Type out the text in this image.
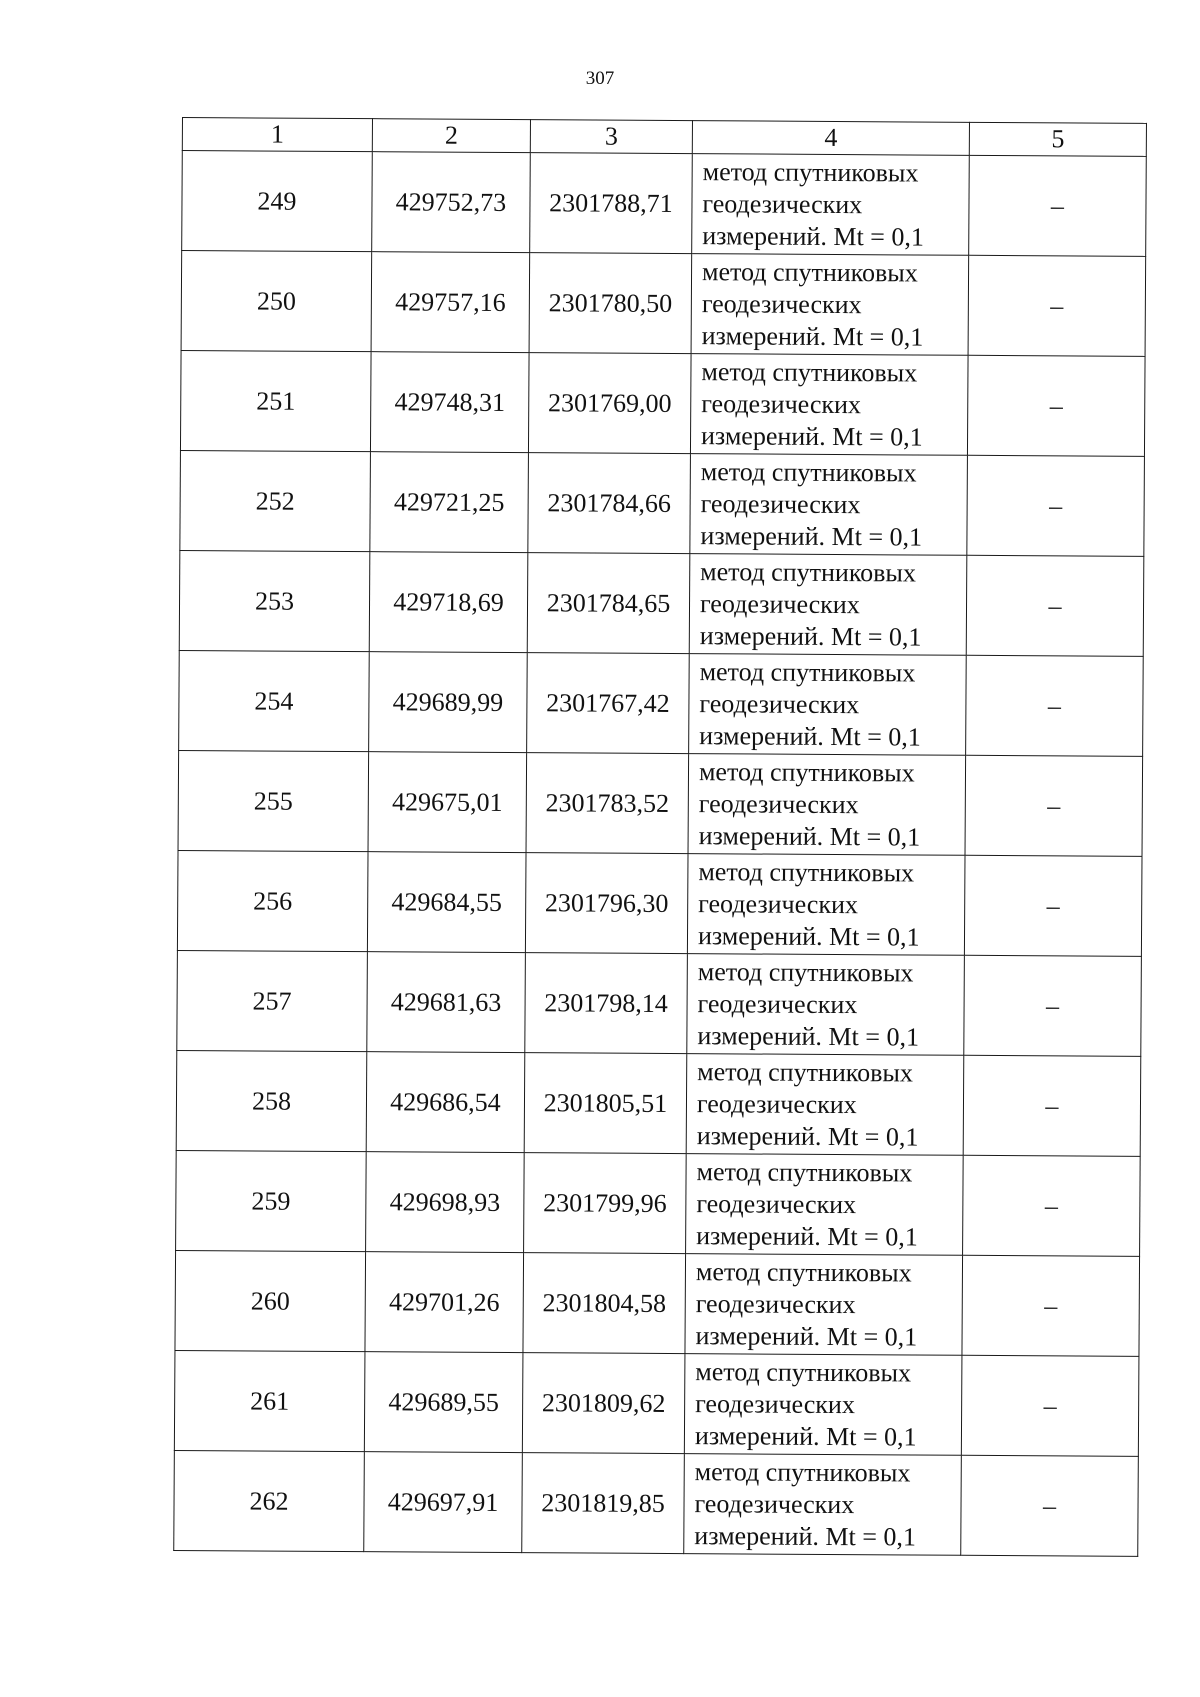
307
1	2	3	4	5
249	429752,73	2301788,71	метод спутниковых
геодезических
измерений. Mt = 0,1	–
250	429757,16	2301780,50	метод спутниковых
геодезических
измерений. Mt = 0,1	–
251	429748,31	2301769,00	метод спутниковых
геодезических
измерений. Mt = 0,1	–
252	429721,25	2301784,66	метод спутниковых
геодезических
измерений. Mt = 0,1	–
253	429718,69	2301784,65	метод спутниковых
геодезических
измерений. Mt = 0,1	–
254	429689,99	2301767,42	метод спутниковых
геодезических
измерений. Mt = 0,1	–
255	429675,01	2301783,52	метод спутниковых
геодезических
измерений. Mt = 0,1	–
256	429684,55	2301796,30	метод спутниковых
геодезических
измерений. Mt = 0,1	–
257	429681,63	2301798,14	метод спутниковых
геодезических
измерений. Mt = 0,1	–
258	429686,54	2301805,51	метод спутниковых
геодезических
измерений. Mt = 0,1	–
259	429698,93	2301799,96	метод спутниковых
геодезических
измерений. Mt = 0,1	–
260	429701,26	2301804,58	метод спутниковых
геодезических
измерений. Mt = 0,1	–
261	429689,55	2301809,62	метод спутниковых
геодезических
измерений. Mt = 0,1	–
262	429697,91	2301819,85	метод спутниковых
геодезических
измерений. Mt = 0,1	–
